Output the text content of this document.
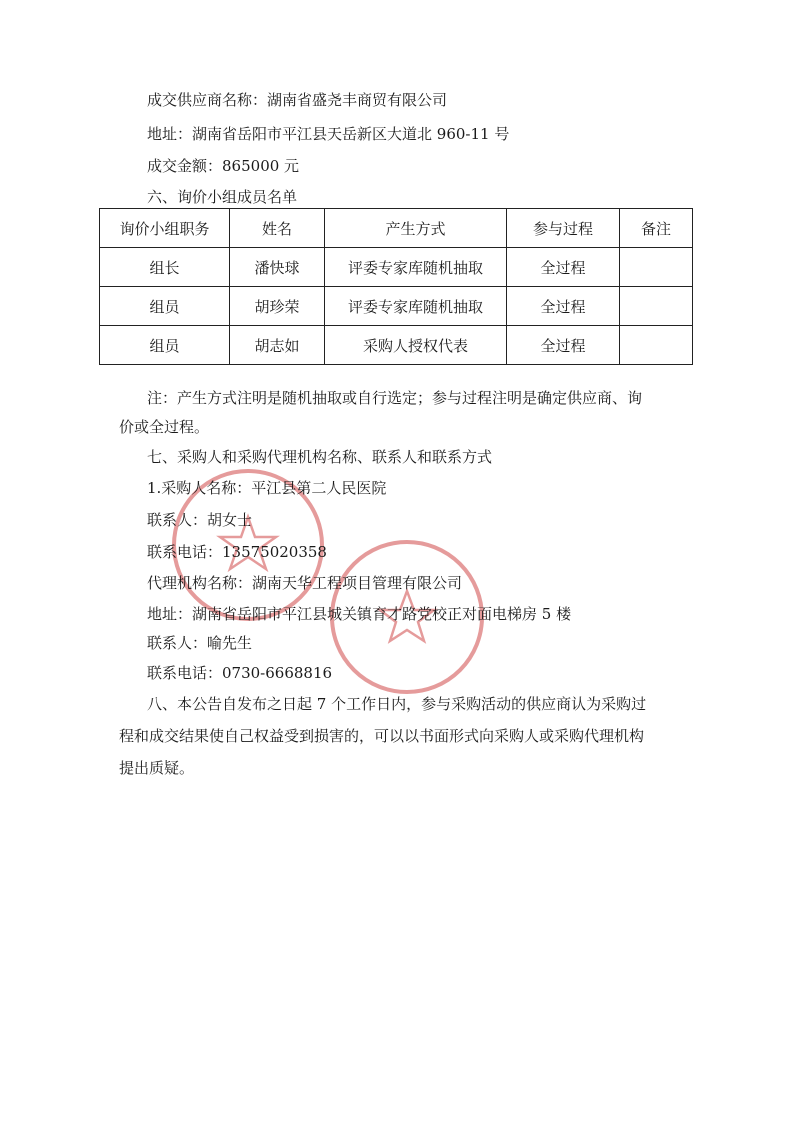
成交供应商名称：湖南省盛尧丰商贸有限公司
地址：湖南省岳阳市平江县天岳新区大道北 960-11 号
成交金额：865000 元
六、询价小组成员名单
询价小组职务	姓名	产生方式	参与过程	备注
组长	潘快球	评委专家库随机抽取	全过程	
组员	胡珍荣	评委专家库随机抽取	全过程	
组员	胡志如	采购人授权代表	全过程	
注：产生方式注明是随机抽取或自行选定；参与过程注明是确定供应商、询
价或全过程。
七、采购人和采购代理机构名称、联系人和联系方式
1.采购人名称：平江县第二人民医院
联系人：胡女士
联系电话：13575020358
代理机构名称：湖南天华工程项目管理有限公司
地址：湖南省岳阳市平江县城关镇育才路党校正对面电梯房 5 楼
联系人：喻先生
联系电话：0730-6668816
八、本公告自发布之日起 7 个工作日内，参与采购活动的供应商认为采购过
程和成交结果使自己权益受到损害的，可以以书面形式向采购人或采购代理机构
提出质疑。
